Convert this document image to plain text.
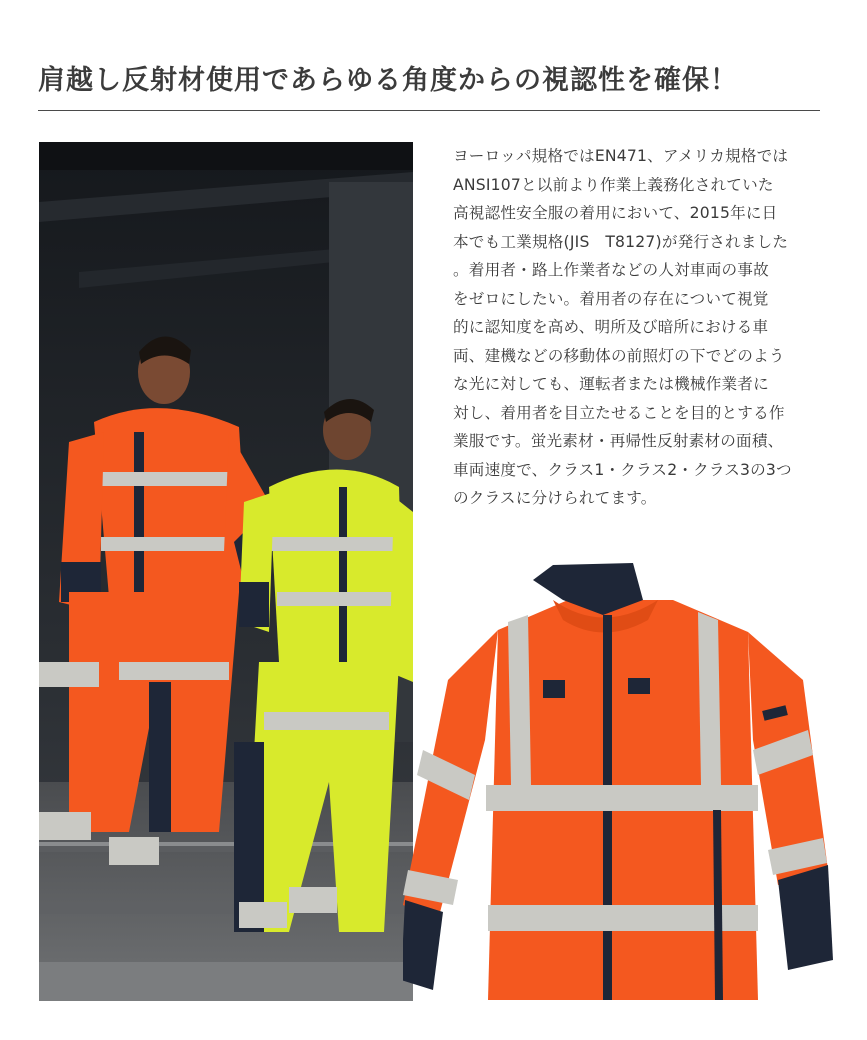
肩越し反射材使用であらゆる角度からの視認性を確保！
ヨーロッパ規格ではEN471、アメリカ規格では
ANSI107と以前より作業上義務化されていた
高視認性安全服の着用において、2015年に日
本でも工業規格(JIS　T8127)が発行されました
。着用者・路上作業者などの人対車両の事故
をゼロにしたい。着用者の存在について視覚
的に認知度を高め、明所及び暗所における車
両、建機などの移動体の前照灯の下でどのよう
な光に対しても、運転者または機械作業者に
対し、着用者を目立たせることを目的とする作
業服です。蛍光素材・再帰性反射素材の面積、
車両速度で、クラス1・クラス2・クラス3の3つ
のクラスに分けられてます。
